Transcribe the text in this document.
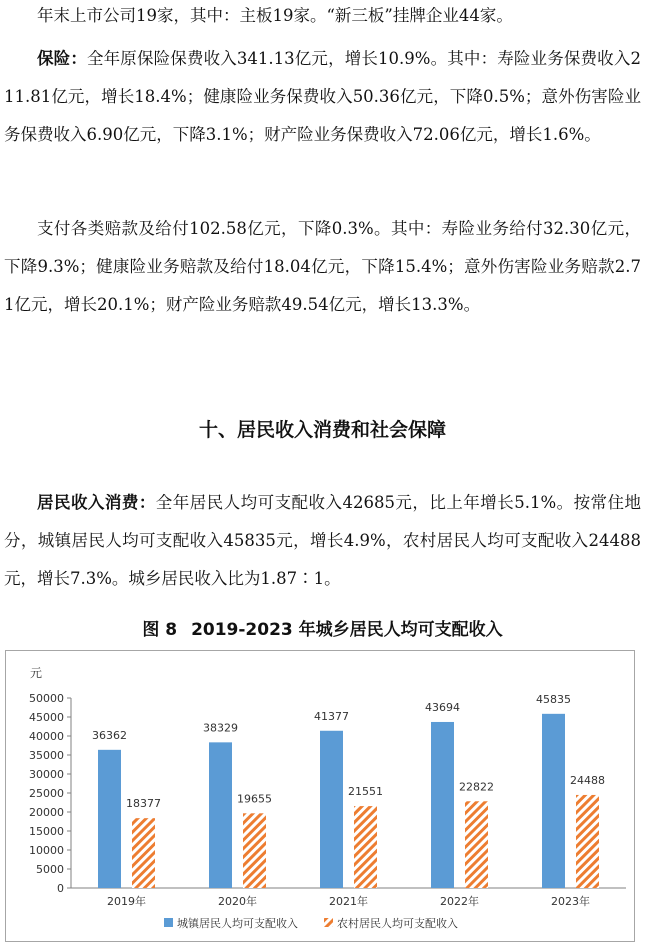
年末上市公司19家，其中：主板19家。“新三板”挂牌企业44家。

保险：全年原保险保费收入341.13亿元，增长10.9%。其中：寿险业务保费收入211.81亿元，增长18.4%；健康险业务保费收入50.36亿元，下降0.5%；意外伤害险业务保费收入6.90亿元，下降3.1%；财产险业务保费收入72.06亿元，增长1.6%。

支付各类赔款及给付102.58亿元，下降0.3%。其中：寿险业务给付32.30亿元，下降9.3%；健康险业务赔款及给付18.04亿元，下降15.4%；意外伤害险业务赔款2.71亿元，增长20.1%；财产险业务赔款49.54亿元，增长13.3%。

十、居民收入消费和社会保障

居民收入消费：全年居民人均可支配收入42685元，比上年增长5.1%。按常住地分，城镇居民人均可支配收入45835元，增长4.9%，农村居民人均可支配收入24488元，增长7.3%。城乡居民收入比为1.87∶1。

图 8 2019-2023 年城乡居民人均可支配收入
元
0
5000
10000
15000
20000
25000
30000
35000
40000
45000
50000
2019年
36362
18377
2020年
38329
19655
2021年
41377
21551
2022年
43694
22822
2023年
45835
24488
城镇居民人均可支配收入	农村居民人均可支配收入
